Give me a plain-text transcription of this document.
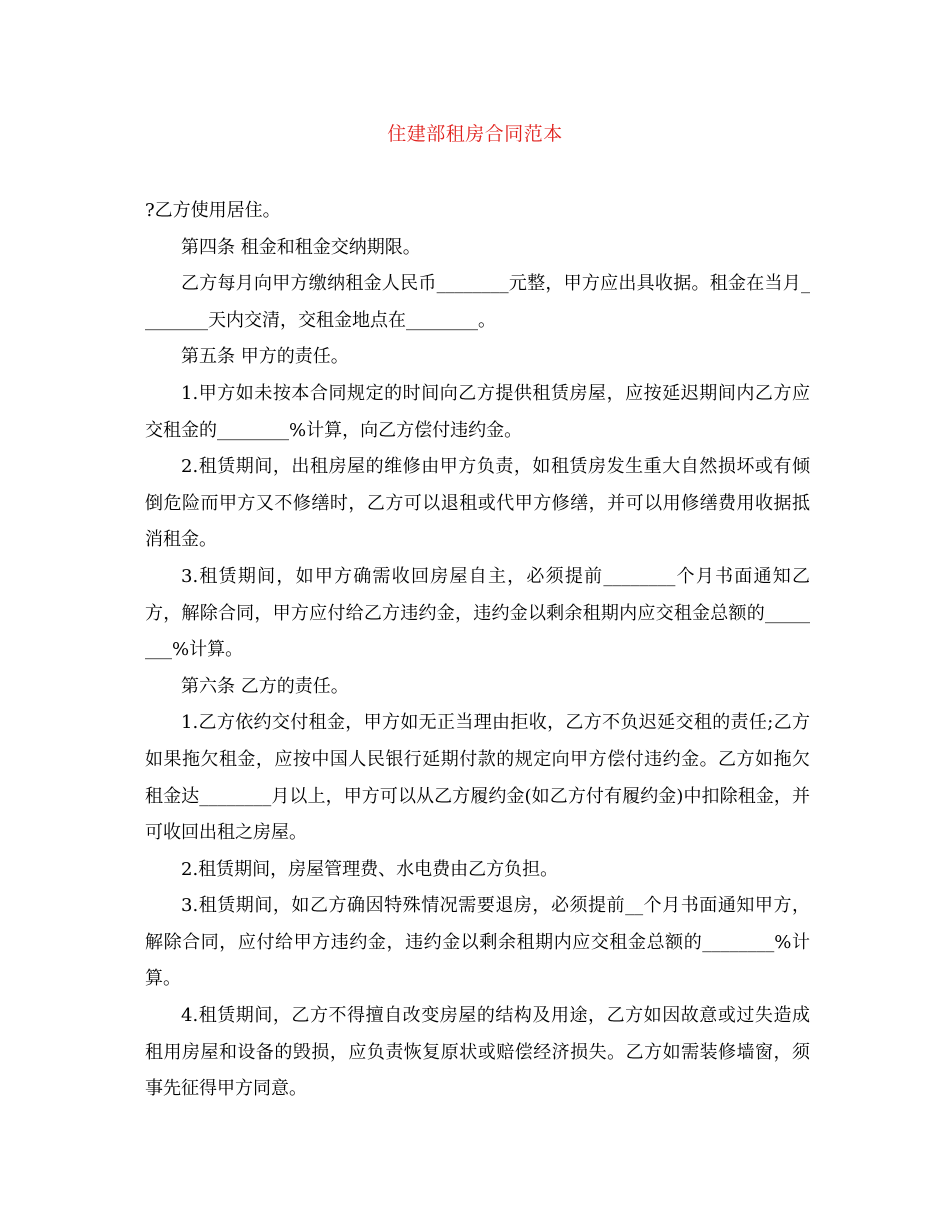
住建部租房合同范本

?乙方使用居住。

第四条 租金和租金交纳期限。

乙方每月向甲方缴纳租金人民币________元整，甲方应出具收据。租金在当月________天内交清，交租金地点在________。

第五条 甲方的责任。

1.甲方如未按本合同规定的时间向乙方提供租赁房屋，应按延迟期间内乙方应交租金的________%计算，向乙方偿付违约金。

2.租赁期间，出租房屋的维修由甲方负责，如租赁房发生重大自然损坏或有倾倒危险而甲方又不修缮时，乙方可以退租或代甲方修缮，并可以用修缮费用收据抵消租金。

3.租赁期间，如甲方确需收回房屋自主，必须提前________个月书面通知乙方，解除合同，甲方应付给乙方违约金，违约金以剩余租期内应交租金总额的________%计算。

第六条 乙方的责任。

1.乙方依约交付租金，甲方如无正当理由拒收，乙方不负迟延交租的责任;乙方如果拖欠租金，应按中国人民银行延期付款的规定向甲方偿付违约金。乙方如拖欠租金达________月以上，甲方可以从乙方履约金(如乙方付有履约金)中扣除租金，并可收回出租之房屋。

2.租赁期间，房屋管理费、水电费由乙方负担。

3.租赁期间，如乙方确因特殊情况需要退房，必须提前__个月书面通知甲方，解除合同，应付给甲方违约金，违约金以剩余租期内应交租金总额的________%计算。

4.租赁期间，乙方不得擅自改变房屋的结构及用途，乙方如因故意或过失造成租用房屋和设备的毁损，应负责恢复原状或赔偿经济损失。乙方如需装修墙窗，须事先征得甲方同意。
